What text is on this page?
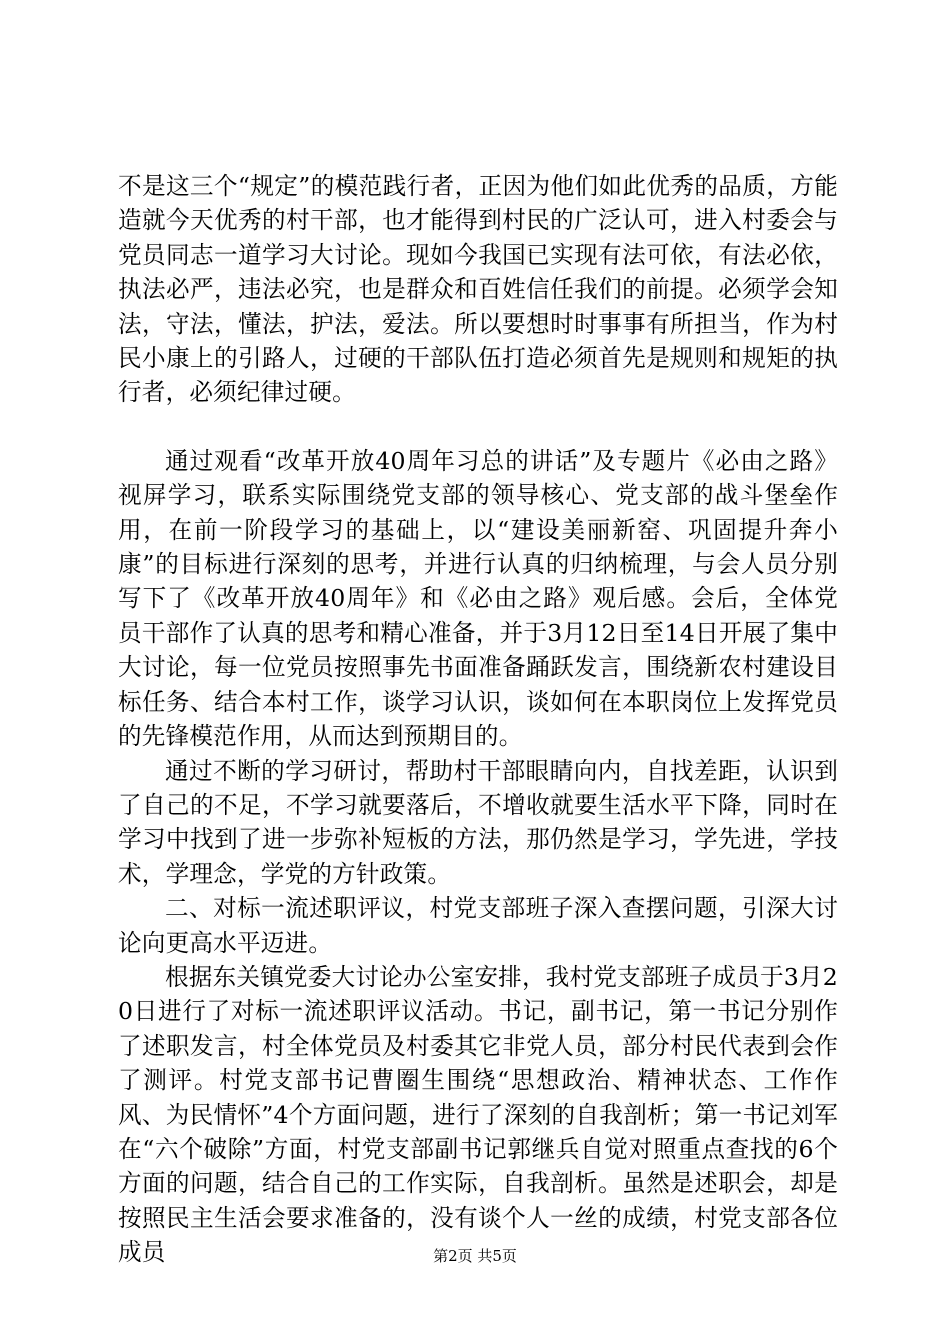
不是这三个“规定”的模范践行者，正因为他们如此优秀的品质，方能造就今天优秀的村干部，也才能得到村民的广泛认可，进入村委会与党员同志一道学习大讨论。现如今我国已实现有法可依，有法必依，执法必严，违法必究，也是群众和百姓信任我们的前提。必须学会知法，守法，懂法，护法，爱法。所以要想时时事事有所担当，作为村民小康上的引路人，过硬的干部队伍打造必须首先是规则和规矩的执行者，必须纪律过硬。

通过观看“改革开放40周年习总的讲话”及专题片《必由之路》视屏学习，联系实际围绕党支部的领导核心、党支部的战斗堡垒作用，在前一阶段学习的基础上，以“建设美丽新窑、巩固提升奔小康”的目标进行深刻的思考，并进行认真的归纳梳理，与会人员分别写下了《改革开放40周年》和《必由之路》观后感。会后，全体党员干部作了认真的思考和精心准备，并于3月12日至14日开展了集中大讨论，每一位党员按照事先书面准备踊跃发言，围绕新农村建设目标任务、结合本村工作，谈学习认识，谈如何在本职岗位上发挥党员的先锋模范作用，从而达到预期目的。

通过不断的学习研讨，帮助村干部眼睛向内，自找差距，认识到了自己的不足，不学习就要落后，不增收就要生活水平下降，同时在学习中找到了进一步弥补短板的方法，那仍然是学习，学先进，学技术，学理念，学党的方针政策。

二、对标一流述职评议，村党支部班子深入查摆问题，引深大讨论向更高水平迈进。

根据东关镇党委大讨论办公室安排，我村党支部班子成员于3月20日进行了对标一流述职评议活动。书记，副书记，第一书记分别作了述职发言，村全体党员及村委其它非党人员，部分村民代表到会作了测评。村党支部书记曹圈生围绕“思想政治、精神状态、工作作风、为民情怀”4个方面问题，进行了深刻的自我剖析；第一书记刘军在“六个破除”方面，村党支部副书记郭继兵自觉对照重点查找的6个方面的问题，结合自己的工作实际，自我剖析。虽然是述职会，却是按照民主生活会要求准备的，没有谈个人一丝的成绩，村党支部各位成员	第2页 共5页
